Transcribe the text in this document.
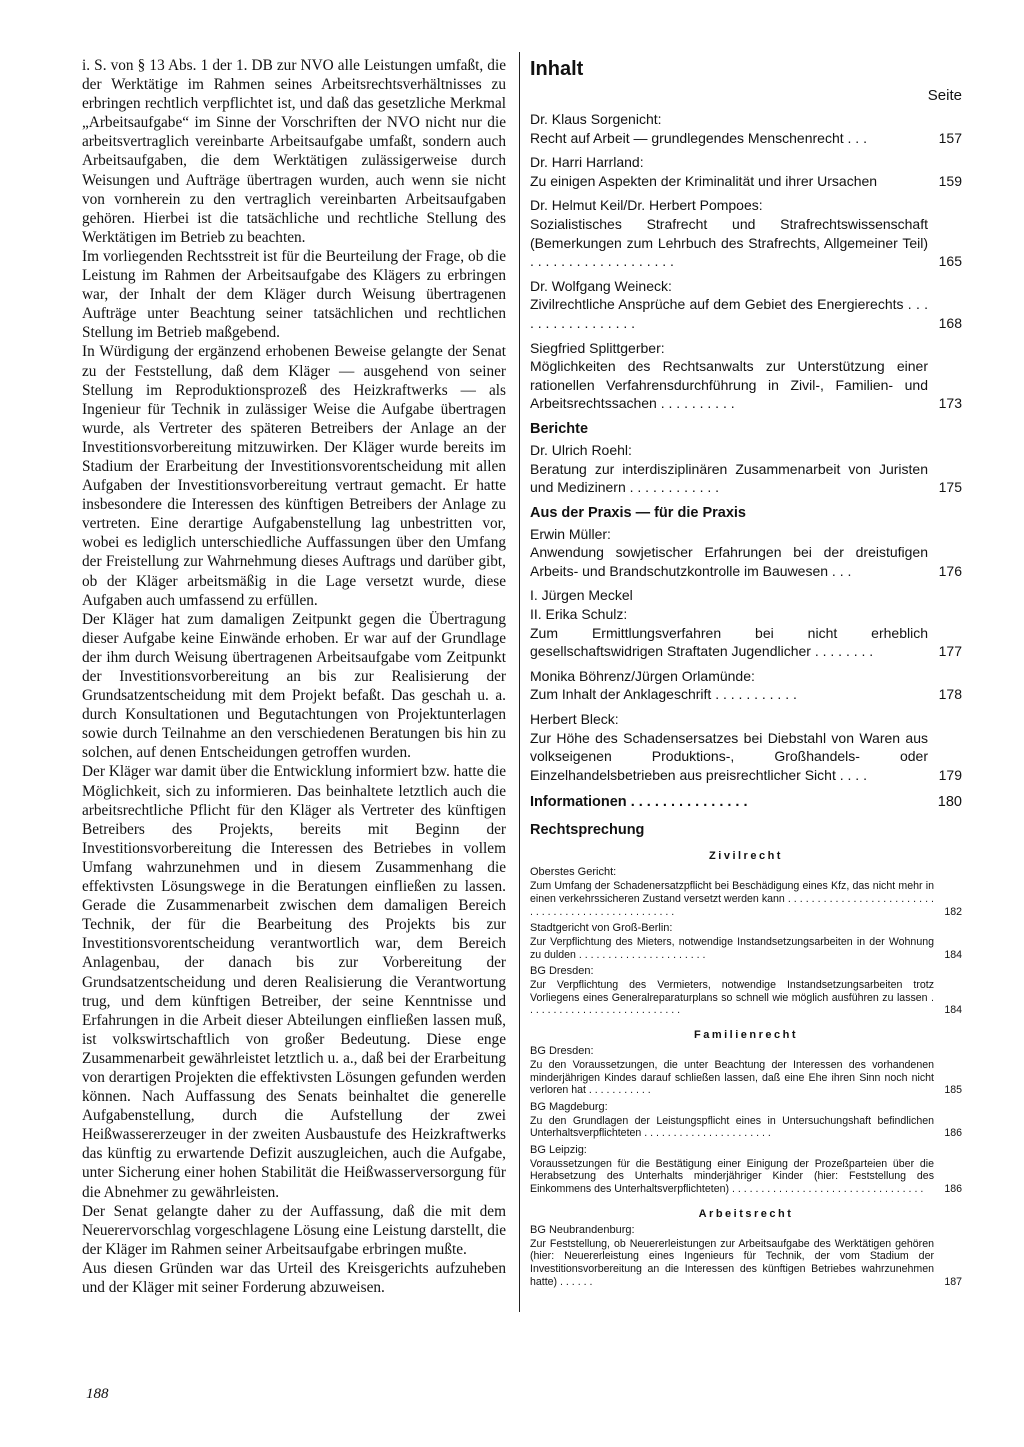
i. S. von § 13 Abs. 1 der 1. DB zur NVO alle Leistungen umfaßt, die der Werktätige im Rahmen seines Arbeitsrechtsverhältnisses zu erbringen rechtlich verpflichtet ist, und daß das gesetzliche Merkmal „Arbeitsaufgabe“ im Sinne der Vorschriften der NVO nicht nur die arbeitsvertraglich vereinbarte Arbeitsaufgabe umfaßt, sondern auch Arbeitsaufgaben, die dem Werktätigen zulässigerweise durch Weisungen und Aufträge übertragen wurden, auch wenn sie nicht von vornherein zu den vertraglich vereinbarten Arbeitsaufgaben gehören. Hierbei ist die tatsächliche und rechtliche Stellung des Werktätigen im Betrieb zu beachten.

Im vorliegenden Rechtsstreit ist für die Beurteilung der Frage, ob die Leistung im Rahmen der Arbeitsaufgabe des Klägers zu erbringen war, der Inhalt der dem Kläger durch Weisung übertragenen Aufträge unter Beachtung seiner tatsächlichen und rechtlichen Stellung im Betrieb maßgebend.

In Würdigung der ergänzend erhobenen Beweise gelangte der Senat zu der Feststellung, daß dem Kläger — ausgehend von seiner Stellung im Reproduktionsprozeß des Heizkraftwerks — als Ingenieur für Technik in zulässiger Weise die Aufgabe übertragen wurde, als Vertreter des späteren Betreibers der Anlage an der Investitionsvorbereitung mitzuwirken. Der Kläger wurde bereits im Stadium der Erarbeitung der Investitionsvorentscheidung mit allen Aufgaben der Investitionsvorbereitung vertraut gemacht. Er hatte insbesondere die Interessen des künftigen Betreibers der Anlage zu vertreten. Eine derartige Aufgabenstellung lag unbestritten vor, wobei es lediglich unterschiedliche Auffassungen über den Umfang der Freistellung zur Wahrnehmung dieses Auftrags und darüber gibt, ob der Kläger arbeitsmäßig in die Lage versetzt wurde, diese Aufgaben auch umfassend zu erfüllen.

Der Kläger hat zum damaligen Zeitpunkt gegen die Übertragung dieser Aufgabe keine Einwände erhoben. Er war auf der Grundlage der ihm durch Weisung übertragenen Arbeitsaufgabe vom Zeitpunkt der Investitionsvorbereitung an bis zur Realisierung der Grundsatzentscheidung mit dem Projekt befaßt. Das geschah u. a. durch Konsultationen und Begutachtungen von Projektunterlagen sowie durch Teilnahme an den verschiedenen Beratungen bis hin zu solchen, auf denen Entscheidungen getroffen wurden.

Der Kläger war damit über die Entwicklung informiert bzw. hatte die Möglichkeit, sich zu informieren. Das beinhaltete letztlich auch die arbeitsrechtliche Pflicht für den Kläger als Vertreter des künftigen Betreibers des Projekts, bereits mit Beginn der Investitionsvorbereitung die Interessen des Betriebes in vollem Umfang wahrzunehmen und in diesem Zusammenhang die effektivsten Lösungswege in die Beratungen einfließen zu lassen. Gerade die Zusammenarbeit zwischen dem damaligen Bereich Technik, der für die Bearbeitung des Projekts bis zur Investitionsvorentscheidung verantwortlich war, dem Bereich Anlagenbau, der danach bis zur Vorbereitung der Grundsatzentscheidung und deren Realisierung die Verantwortung trug, und dem künftigen Betreiber, der seine Kenntnisse und Erfahrungen in die Arbeit dieser Abteilungen einfließen lassen muß, ist volkswirtschaftlich von großer Bedeutung. Diese enge Zusammenarbeit gewährleistet letztlich u. a., daß bei der Erarbeitung von derartigen Projekten die effektivsten Lösungen gefunden werden können. Nach Auffassung des Senats beinhaltet die generelle Aufgabenstellung, durch die Aufstellung der zwei Heißwassererzeuger in der zweiten Ausbaustufe des Heizkraftwerks das künftig zu erwartende Defizit auszugleichen, auch die Aufgabe, unter Sicherung einer hohen Stabilität die Heißwasserversorgung für die Abnehmer zu gewährleisten.

Der Senat gelangte daher zu der Auffassung, daß die mit dem Neuerervorschlag vorgeschlagene Lösung eine Leistung darstellt, die der Kläger im Rahmen seiner Arbeitsaufgabe erbringen mußte.

Aus diesen Gründen war das Urteil des Kreisgerichts aufzuheben und der Kläger mit seiner Forderung abzuweisen.

188
Inhalt
Seite
Dr. Klaus Sorgenicht:
Recht auf Arbeit — grundlegendes Menschenrecht . . .	157
Dr. Harri Harrland:
Zu einigen Aspekten der Kriminalität und ihrer Ursachen	159
Dr. Helmut Keil/Dr. Herbert Pompoes:
Sozialistisches Strafrecht und Strafrechtswissenschaft (Bemerkungen zum Lehrbuch des Strafrechts, Allgemeiner Teil) . . . . . . . . . . . . . . . . . . .	165
Dr. Wolfgang Weineck:
Zivilrechtliche Ansprüche auf dem Gebiet des Energierechts . . . . . . . . . . . . . . . . .	168
Siegfried Splittgerber:
Möglichkeiten des Rechtsanwalts zur Unterstützung einer rationellen Verfahrensdurchführung in Zivil-, Familien- und Arbeitsrechtssachen . . . . . . . . . .	173
Berichte
Dr. Ulrich Roehl:
Beratung zur interdisziplinären Zusammenarbeit von Juristen und Medizinern . . . . . . . . . . . .	175
Aus der Praxis — für die Praxis
Erwin Müller:
Anwendung sowjetischer Erfahrungen bei der dreistufigen Arbeits- und Brandschutzkontrolle im Bauwesen . . .	176
I. Jürgen Meckel
II. Erika Schulz:
Zum Ermittlungsverfahren bei nicht erheblich gesellschaftswidrigen Straftaten Jugendlicher . . . . . . . .	177
Monika Böhrenz/Jürgen Orlamünde:
Zum Inhalt der Anklageschrift . . . . . . . . . . .	178
Herbert Bleck:
Zur Höhe des Schadensersatzes bei Diebstahl von Waren aus volkseigenen Produktions-, Großhandels- oder Einzelhandelsbetrieben aus preisrechtlicher Sicht . . . .	179
Informationen . . . . . . . . . . . . . . .	180
Rechtsprechung
Zivilrecht
Oberstes Gericht:
Zum Umfang der Schadenersatzpflicht bei Beschädigung eines Kfz, das nicht mehr in einen verkehrssicheren Zustand versetzt werden kann . . . . . . . . . . . . . . . . . . . . . . . . . . . . . . . . . . . . . . . . . . . . . . . . . .	182
Stadtgericht von Groß-Berlin:
Zur Verpflichtung des Mieters, notwendige Instandsetzungsarbeiten in der Wohnung zu dulden . . . . . . . . . . . . . . . . . . . . . .	184
BG Dresden:
Zur Verpflichtung des Vermieters, notwendige Instandsetzungsarbeiten trotz Vorliegens eines Generalreparaturplans so schnell wie möglich ausführen zu lassen . . . . . . . . . . . . . . . . . . . . . . . . . . .	184
Familienrecht
BG Dresden:
Zu den Voraussetzungen, die unter Beachtung der Interessen des vorhandenen minderjährigen Kindes darauf schließen lassen, daß eine Ehe ihren Sinn noch nicht verloren hat . . . . . . . . . . .	185
BG Magdeburg:
Zu den Grundlagen der Leistungspflicht eines in Untersuchungshaft befindlichen Unterhaltsverpflichteten . . . . . . . . . . . . . . . . . . . . . .	186
BG Leipzig:
Voraussetzungen für die Bestätigung einer Einigung der Prozeßparteien über die Herabsetzung des Unterhalts minderjähriger Kinder (hier: Feststellung des Einkommens des Unterhaltsverpflichteten) . . . . . . . . . . . . . . . . . . . . . . . . . . . . . . . . .	186
Arbeitsrecht
BG Neubrandenburg:
Zur Feststellung, ob Neuererleistungen zur Arbeitsaufgabe des Werktätigen gehören (hier: Neuererleistung eines Ingenieurs für Technik, der vom Stadium der Investitionsvorbereitung an die Interessen des künftigen Betriebes wahrzunehmen hatte) . . . . . .	187
